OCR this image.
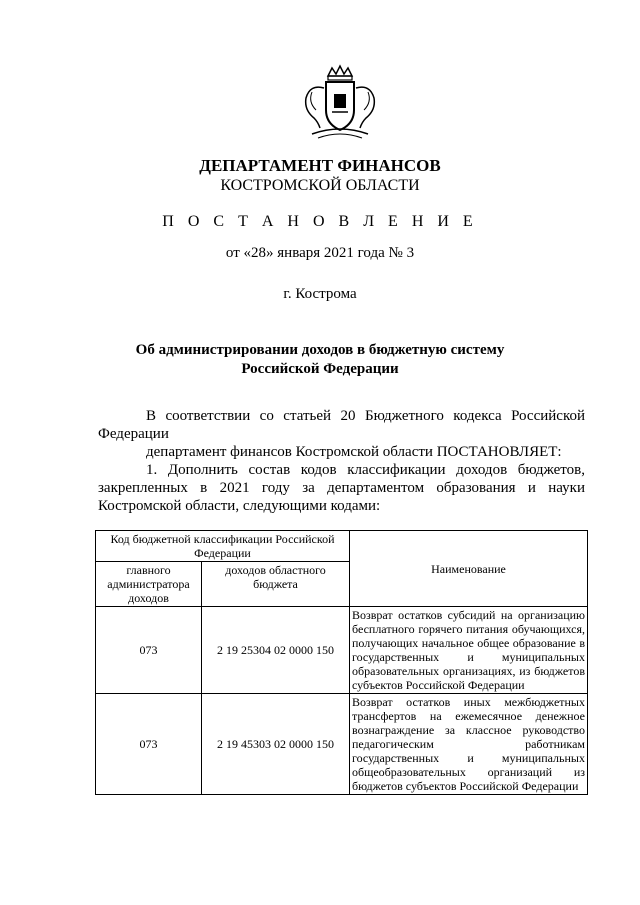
ДЕПАРТАМЕНТ ФИНАНСОВ
КОСТРОМСКОЙ ОБЛАСТИ
П О С Т А Н О В Л Е Н И Е
от «28» января 2021 года № 3
г. Кострома
Об администрировании доходов в бюджетную систему
Российской Федерации
В соответствии со статьей 20 Бюджетного кодекса Российской
Федерации
департамент финансов Костромской области ПОСТАНОВЛЯЕТ:
1. Дополнить состав кодов классификации доходов бюджетов,
закрепленных в 2021 году за департаментом образования и науки
Костромской области, следующими кодами:
Код бюджетной классификации Российской Федерации		Наименование
главного администратора доходов	доходов областного бюджета	
073	2 19 25304 02 0000 150	Возврат остатков субсидий на организацию бесплатного горячего питания обучающихся, получающих начальное общее образование в государственных и муниципальных образовательных организациях, из бюджетов субъектов Российской Федерации
073	2 19 45303 02 0000 150	Возврат остатков иных межбюджетных трансфертов на ежемесячное денежное вознаграждение за классное руководство педагогическим работникам государственных и муниципальных общеобразовательных организаций из бюджетов субъектов Российской Федерации
